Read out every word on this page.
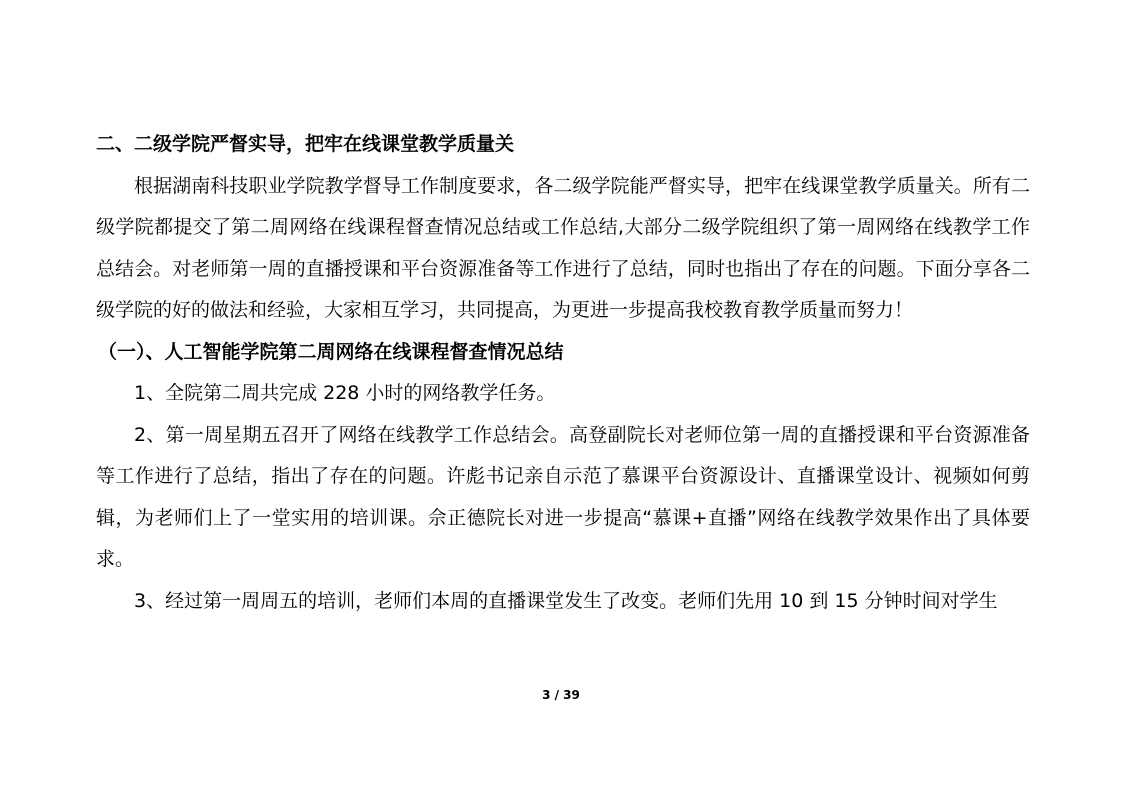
二、二级学院严督实导，把牢在线课堂教学质量关

根据湖南科技职业学院教学督导工作制度要求，各二级学院能严督实导，把牢在线课堂教学质量关。所有二级学院都提交了第二周网络在线课程督查情况总结或工作总结,大部分二级学院组织了第一周网络在线教学工作总结会。对老师第一周的直播授课和平台资源准备等工作进行了总结，同时也指出了存在的问题。下面分享各二级学院的好的做法和经验，大家相互学习，共同提高，为更进一步提高我校教育教学质量而努力！

（一）、人工智能学院第二周网络在线课程督查情况总结

1、全院第二周共完成 228 小时的网络教学任务。

2、第一周星期五召开了网络在线教学工作总结会。高登副院长对老师位第一周的直播授课和平台资源准备等工作进行了总结，指出了存在的问题。许彪书记亲自示范了慕课平台资源设计、直播课堂设计、视频如何剪辑，为老师们上了一堂实用的培训课。佘正德院长对进一步提高“慕课+直播”网络在线教学效果作出了具体要求。

3、经过第一周周五的培训，老师们本周的直播课堂发生了改变。老师们先用 10 到 15 分钟时间对学生

3 / 39
